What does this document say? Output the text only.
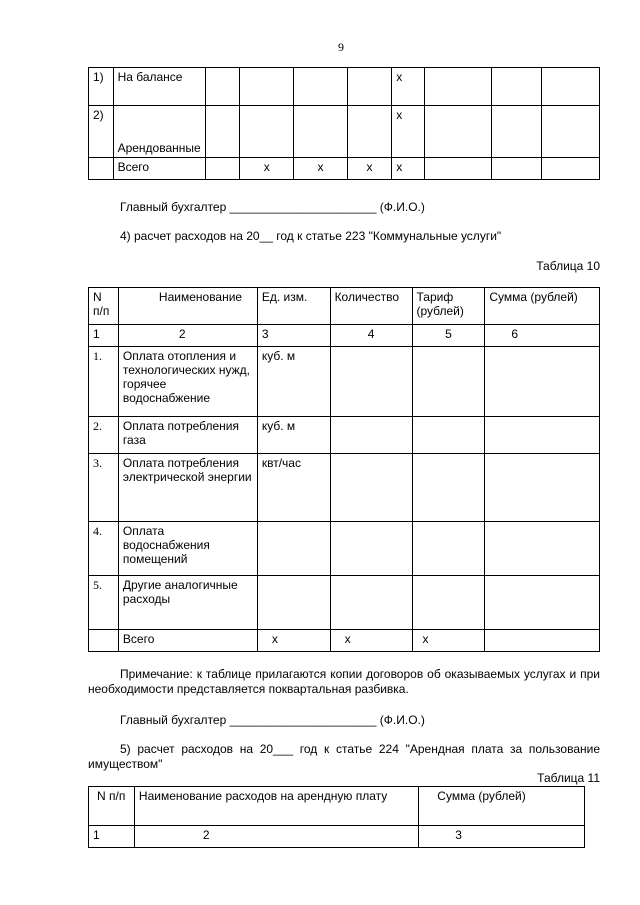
9
1)	На балансе					х			
2)	Арендованные					х			
	Всего		х	х	х	х			
Главный бухгалтер ______________________ (Ф.И.О.)
4) расчет расходов на 20__ год к статье 223 "Коммунальные услуги"
Таблица 10
N п/п	Наименование	Ед. изм.	Количество	Тариф (рублей)	Сумма (рублей)
1	2	3	4	5	6
1.	Оплата отопления и технологических нужд, горячее водоснабжение	куб. м			
2.	Оплата потребления газа	куб. м			
3.	Оплата потребления электрической энергии	квт/час			
4.	Оплата водоснабжения помещений				
5.	Другие аналогичные расходы				
	Всего	х	х	х	
Примечание: к таблице прилагаются копии договоров об оказываемых услугах и при необходимости представляется поквартальная разбивка.
Главный бухгалтер ______________________ (Ф.И.О.)
5) расчет расходов на 20___ год к статье 224 "Арендная плата за пользование имуществом"
Таблица 11
N п/п	Наименование расходов на арендную плату	Сумма (рублей)
1	2	3
